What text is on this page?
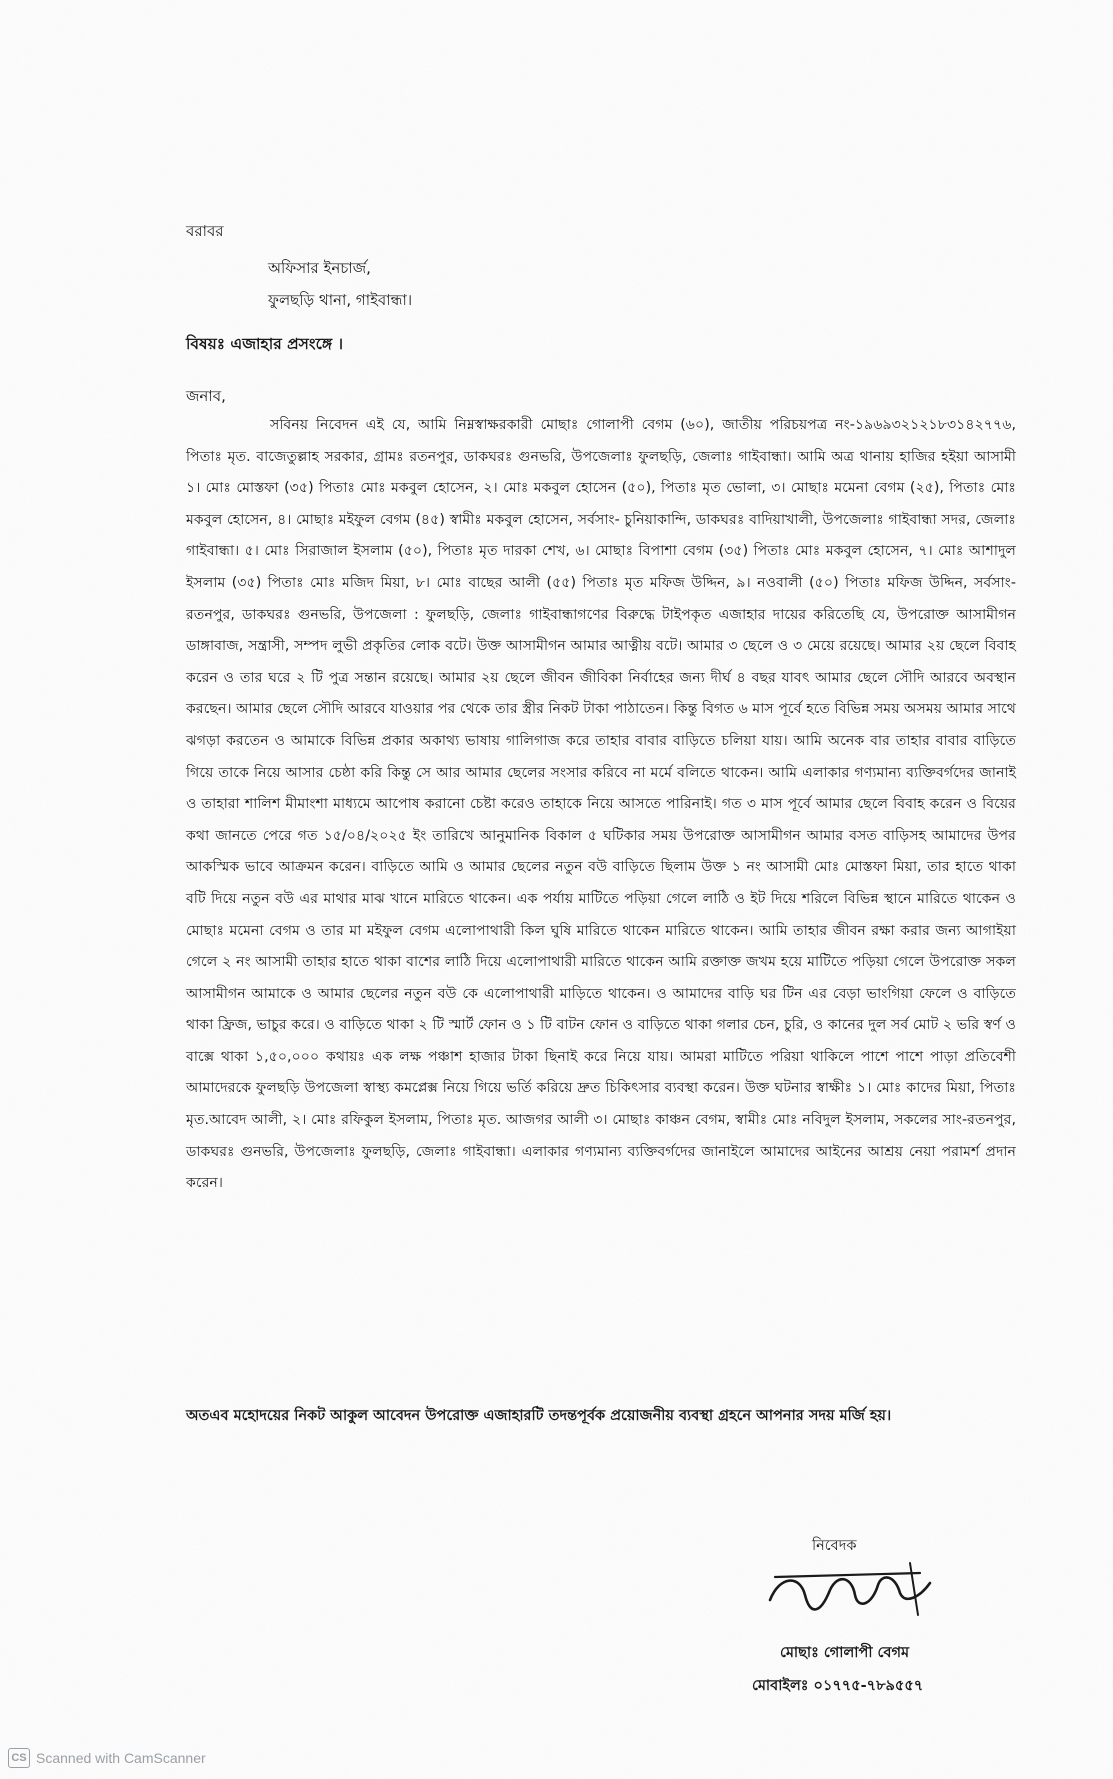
বরাবর
অফিসার ইনচার্জ,
ফুলছড়ি থানা, গাইবান্ধা।
বিষয়ঃ এজাহার প্রসংঙ্গে ।
জনাব,

সবিনয় নিবেদন এই যে, আমি নিম্নস্বাক্ষরকারী মোছাঃ গোলাপী বেগম (৬০), জাতীয় পরিচয়পত্র নং-১৯৬৯৩২১২১৮৩১৪২৭৭৬, পিতাঃ মৃত. বাজেতুল্লাহ সরকার, গ্রামঃ রতনপুর, ডাকঘরঃ গুনভরি, উপজেলাঃ ফুলছড়ি, জেলাঃ গাইবান্ধা। আমি অত্র থানায় হাজির হইয়া আসামী ১। মোঃ মোস্তফা (৩৫) পিতাঃ মোঃ মকবুল হোসেন, ২। মোঃ মকবুল হোসেন (৫০), পিতাঃ মৃত ভোলা, ৩। মোছাঃ মমেনা বেগম (২৫), পিতাঃ মোঃ মকবুল হোসেন, ৪। মোছাঃ মইফুল বেগম (৪৫) স্বামীঃ মকবুল হোসেন, সর্বসাং- চুনিয়াকান্দি, ডাকঘরঃ বাদিয়াখালী, উপজেলাঃ গাইবান্ধা সদর, জেলাঃ গাইবান্ধা। ৫। মোঃ সিরাজাল ইসলাম (৫০), পিতাঃ মৃত দারকা শেখ, ৬। মোছাঃ বিপাশা বেগম (৩৫) পিতাঃ মোঃ মকবুল হোসেন, ৭। মোঃ আশাদুল ইসলাম (৩৫) পিতাঃ মোঃ মজিদ মিয়া, ৮। মোঃ বাছের আলী (৫৫) পিতাঃ মৃত মফিজ উদ্দিন, ৯। নওবালী (৫০) পিতাঃ মফিজ উদ্দিন, সর্বসাং-রতনপুর, ডাকঘরঃ গুনভরি, উপজেলা : ফুলছড়ি, জেলাঃ গাইবান্ধাগণের বিরুদ্ধে টাইপকৃত এজাহার দায়ের করিতেছি যে, উপরোক্ত আসামীগন ডাঙ্গাবাজ, সন্ত্রাসী, সম্পদ লুভী প্রকৃতির লোক বটে। উক্ত আসামীগন আমার আত্নীয় বটে। আমার ৩ ছেলে ও ৩ মেয়ে রয়েছে। আমার ২য় ছেলে বিবাহ করেন ও তার ঘরে ২ টি পুত্র সন্তান রয়েছে। আমার ২য় ছেলে জীবন জীবিকা নির্বাহের জন্য দীর্ঘ ৪ বছর যাবৎ আমার ছেলে সৌদি আরবে অবস্থান করছেন। আমার ছেলে সৌদি আরবে যাওয়ার পর থেকে তার স্ত্রীর নিকট টাকা পাঠাতেন। কিন্তু বিগত ৬ মাস পূর্বে হতে বিভিন্ন সময় অসময় আমার সাথে ঝগড়া করতেন ও আমাকে বিভিন্ন প্রকার অকাথ্য ভাষায় গালিগাজ করে তাহার বাবার বাড়িতে চলিয়া যায়। আমি অনেক বার তাহার বাবার বাড়িতে গিয়ে তাকে নিয়ে আসার চেষ্ঠা করি কিন্তু সে আর আমার ছেলের সংসার করিবে না মর্মে বলিতে থাকেন। আমি এলাকার গণ্যমান্য ব্যক্তিবর্গদের জানাই ও তাহারা শালিশ মীমাংশা মাধ্যমে আপোষ করানো চেষ্টা করেও তাহাকে নিয়ে আসতে পারিনাই। গত ৩ মাস পূর্বে আমার ছেলে বিবাহ করেন ও বিয়ের কথা জানতে পেরে গত ১৫/০৪/২০২৫ ইং তারিখে আনুমানিক বিকাল ৫ ঘটিকার সময় উপরোক্ত আসামীগন আমার বসত বাড়িসহ আমাদের উপর আকস্মিক ভাবে আক্রমন করেন। বাড়িতে আমি ও আমার ছেলের নতুন বউ বাড়িতে ছিলাম উক্ত ১ নং আসামী মোঃ মোস্তফা মিয়া, তার হাতে থাকা বটি দিয়ে নতুন বউ এর মাথার মাঝ খানে মারিতে থাকেন। এক পর্যায় মাটিতে পড়িয়া গেলে লাঠি ও ইট দিয়ে শরিলে বিভিন্ন স্থানে মারিতে থাকেন ও মোছাঃ মমেনা বেগম ও তার মা মইফুল বেগম এলোপাথারী কিল ঘুষি মারিতে থাকেন মারিতে থাকেন। আমি তাহার জীবন রক্ষা করার জন্য আগাইয়া গেলে ২ নং আসামী তাহার হাতে থাকা বাশের লাঠি দিয়ে এলোপাথারী মারিতে থাকেন আমি রক্তাক্ত জখম হয়ে মাটিতে পড়িয়া গেলে উপরোক্ত সকল আসামীগন আমাকে ও আমার ছেলের নতুন বউ কে এলোপাথারী মাড়িতে থাকেন। ও আমাদের বাড়ি ঘর টিন এর বেড়া ভাংগিয়া ফেলে ও বাড়িতে থাকা ফ্রিজ, ভাচুর করে। ও বাড়িতে থাকা ২ টি স্মার্ট ফোন ও ১ টি বাটন ফোন ও বাড়িতে থাকা গলার চেন, চুরি, ও কানের দুল সর্ব মোট ২ ভরি স্বর্ণ ও বাক্সে থাকা ১,৫০,০০০ কথায়ঃ এক লক্ষ পঞ্চাশ হাজার টাকা ছিনাই করে নিয়ে যায়। আমরা মাটিতে পরিয়া থাকিলে পাশে পাশে পাড়া প্রতিবেশী আমাদেরকে ফুলছড়ি উপজেলা স্বাস্থ্য কমপ্লেক্স নিয়ে গিয়ে ভর্তি করিয়ে দ্রুত চিকিৎসার ব্যবস্থা করেন। উক্ত ঘটনার স্বাক্ষীঃ ১। মোঃ কাদের মিয়া, পিতাঃ মৃত.আবেদ আলী, ২। মোঃ রফিকুল ইসলাম, পিতাঃ মৃত. আজগর আলী ৩। মোছাঃ কাঞ্চন বেগম, স্বামীঃ মোঃ নবিদুল ইসলাম, সকলের সাং-রতনপুর, ডাকঘরঃ গুনভরি, উপজেলাঃ ফুলছড়ি, জেলাঃ গাইবান্ধা। এলাকার গণ্যমান্য ব্যক্তিবর্গদের জানাইলে আমাদের আইনের আশ্রয় নেয়া পরামর্শ প্রদান করেন।

অতএব মহোদয়ের নিকট আকুল আবেদন উপরোক্ত এজাহারটি তদন্তপূর্বক প্রয়োজনীয় ব্যবস্থা গ্রহনে আপনার সদয় মর্জি হয়।

নিবেদক
মোছাঃ গোলাপী বেগম
মোবাইলঃ ০১৭৭৫-৭৮৯৫৫৭
CS Scanned with CamScanner
